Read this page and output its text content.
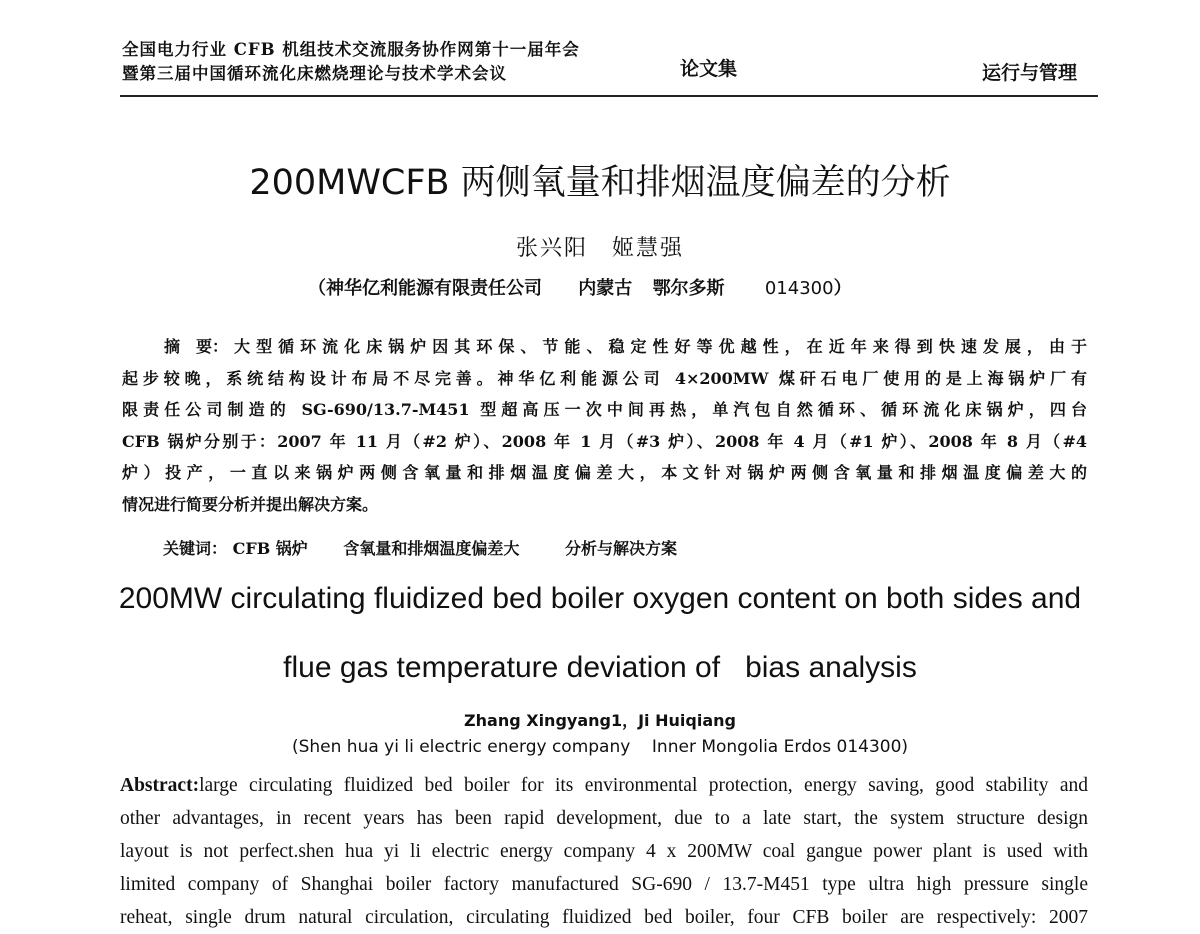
全国电力行业 CFB 机组技术交流服务协作网第十一届年会
暨第三届中国循环流化床燃烧理论与技术学术会议	论文集	运行与管理
200MWCFB 两侧氧量和排烟温度偏差的分析
张兴阳　姬慧强
（神华亿利能源有限责任公司 内蒙古 鄂尔多斯 014300）
摘　要：大型循环流化床锅炉因其环保、节能、稳定性好等优越性，在近年来得到快速发展，由于
起步较晚，系统结构设计布局不尽完善。神华亿利能源公司 4×200MW 煤矸石电厂使用的是上海锅炉厂有
限责任公司制造的 SG-690/13.7-M451 型超高压一次中间再热，单汽包自然循环、循环流化床锅炉，四台
CFB 锅炉分别于：2007 年 11 月（#2 炉）、2008 年 1 月（#3 炉）、2008 年 4 月（#1 炉）、2008 年 8 月（#4
炉）投产，一直以来锅炉两侧含氧量和排烟温度偏差大，本文针对锅炉两侧含氧量和排烟温度偏差大的
情况进行简要分析并提出解决方案。
关键词： CFB 锅炉 含氧量和排烟温度偏差大	分析与解决方案
200MW circulating fluidized bed boiler oxygen content on both sides and
flue gas temperature deviation of   bias analysis
Zhang Xingyang1，Ji Huiqiang
(Shen hua yi li electric energy company    Inner Mongolia Erdos 014300)
Abstract:large circulating fluidized bed boiler for its environmental protection, energy saving, good stability and
other advantages, in recent years has been rapid development, due to a late start, the system structure design
layout is not perfect.shen hua yi li electric energy company 4 x 200MW coal gangue power plant is used with
limited company of Shanghai boiler factory manufactured SG-690 / 13.7-M451 type ultra high pressure single
reheat, single drum natural circulation, circulating fluidized bed boiler, four CFB boiler are respectively: 2007
